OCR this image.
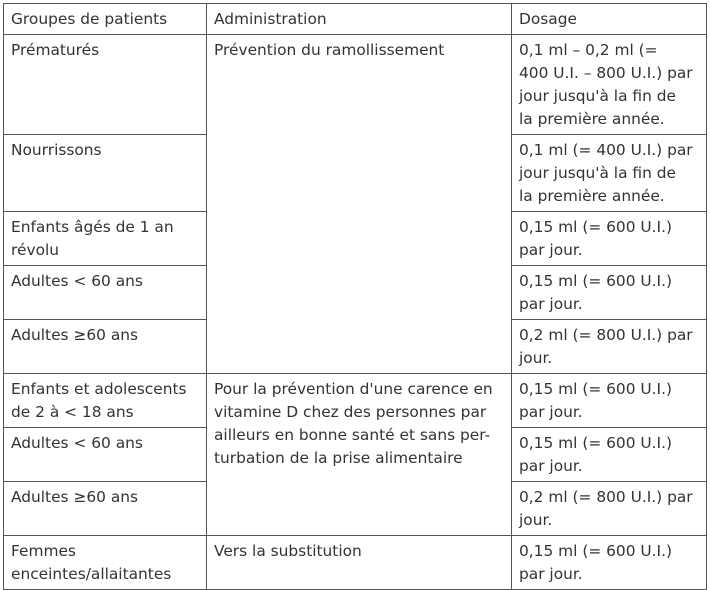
Groupes de patients	Administration	Dosage
Prématurés	Prévention du ramollissement	0,1 ml – 0,2 ml (=
400 U.I. – 800 U.I.) par
jour jusqu'à la fin de
la première année.
Nourrissons		0,1 ml (= 400 U.I.) par
jour jusqu'à la fin de
la première année.
Enfants âgés de 1 an
révolu		0,15 ml (= 600 U.I.)
par jour.
Adultes < 60 ans		0,15 ml (= 600 U.I.)
par jour.
Adultes ≥60 ans		0,2 ml (= 800 U.I.) par
jour.
Enfants et adolescents
de 2 à < 18 ans	Pour la prévention d'une carence en
vitamine D chez des personnes par
ailleurs en bonne santé et sans per-
turbation de la prise alimentaire	0,15 ml (= 600 U.I.)
par jour.
Adultes < 60 ans		0,15 ml (= 600 U.I.)
par jour.
Adultes ≥60 ans		0,2 ml (= 800 U.I.) par
jour.
Femmes
enceintes/allaitantes	Vers la substitution	0,15 ml (= 600 U.I.)
par jour.
